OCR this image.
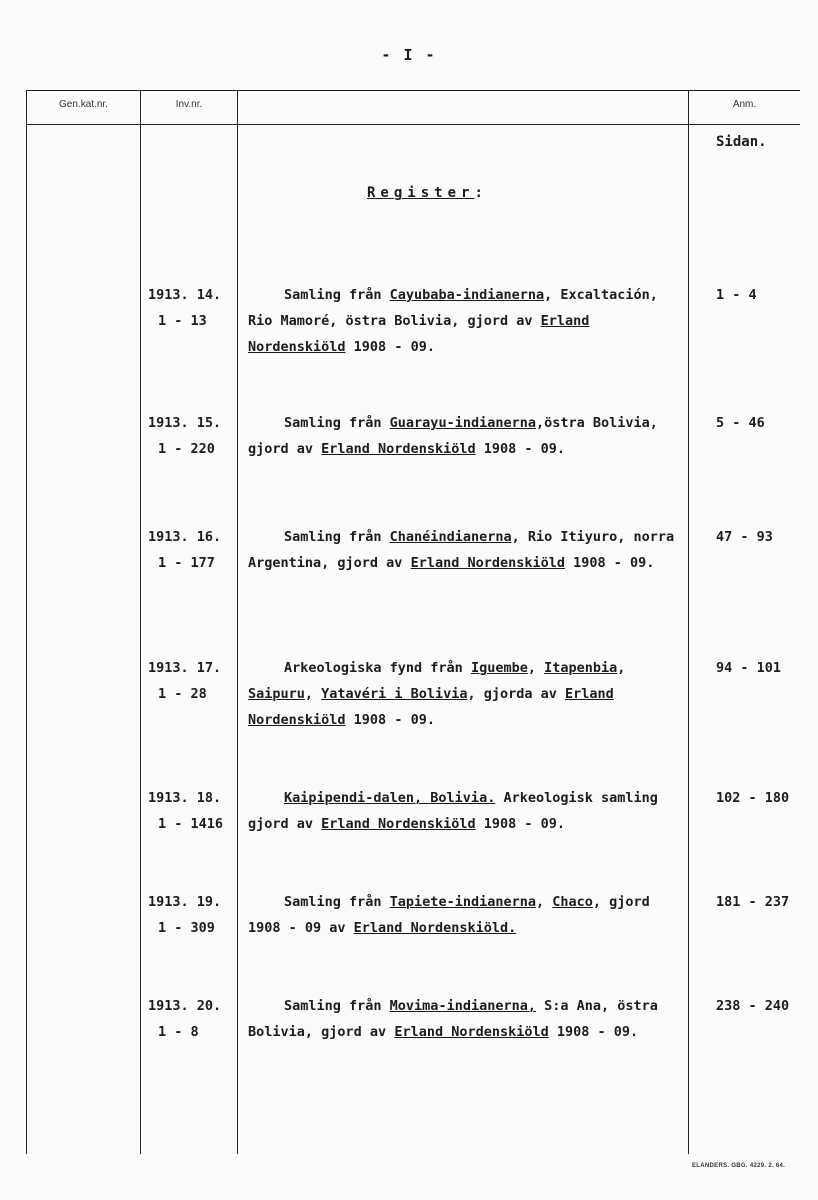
- I -
Gen.kat.nr.	Inv.nr.	Anm.
Sidan.
Register:
1913. 14.
1 - 13
Samling från Cayubaba-indianerna, Excaltación, Rio Mamoré, östra Bolivia, gjord av Erland Nordenskiöld 1908 - 09.
1 - 4
1913. 15.
1 - 220
Samling från Guarayu-indianerna,östra Bolivia, gjord av Erland Nordenskiöld 1908 - 09.
5 - 46
1913. 16.
1 - 177
Samling från Chanéindianerna, Rio Itiyuro, norra Argentina, gjord av Erland Nordenskiöld 1908 - 09.
47 - 93
1913. 17.
1 - 28
Arkeologiska fynd från Iguembe, Itapenbia, Saipuru, Yatavéri i Bolivia, gjorda av Erland Nordenskiöld 1908 - 09.
94 - 101
1913. 18.
1 - 1416
Kaipipendi-dalen, Bolivia. Arkeologisk samling gjord av Erland Nordenskiöld 1908 - 09.
102 - 180
1913. 19.
1 - 309
Samling från Tapiete-indianerna, Chaco, gjord 1908 - 09 av Erland Nordenskiöld.
181 - 237
1913. 20.
1 - 8
Samling från Movima-indianerna, S:a Ana, östra Bolivia, gjord av Erland Nordenskiöld 1908 - 09.
238 - 240
ELANDERS. GBG. 4229. 2. 64.
